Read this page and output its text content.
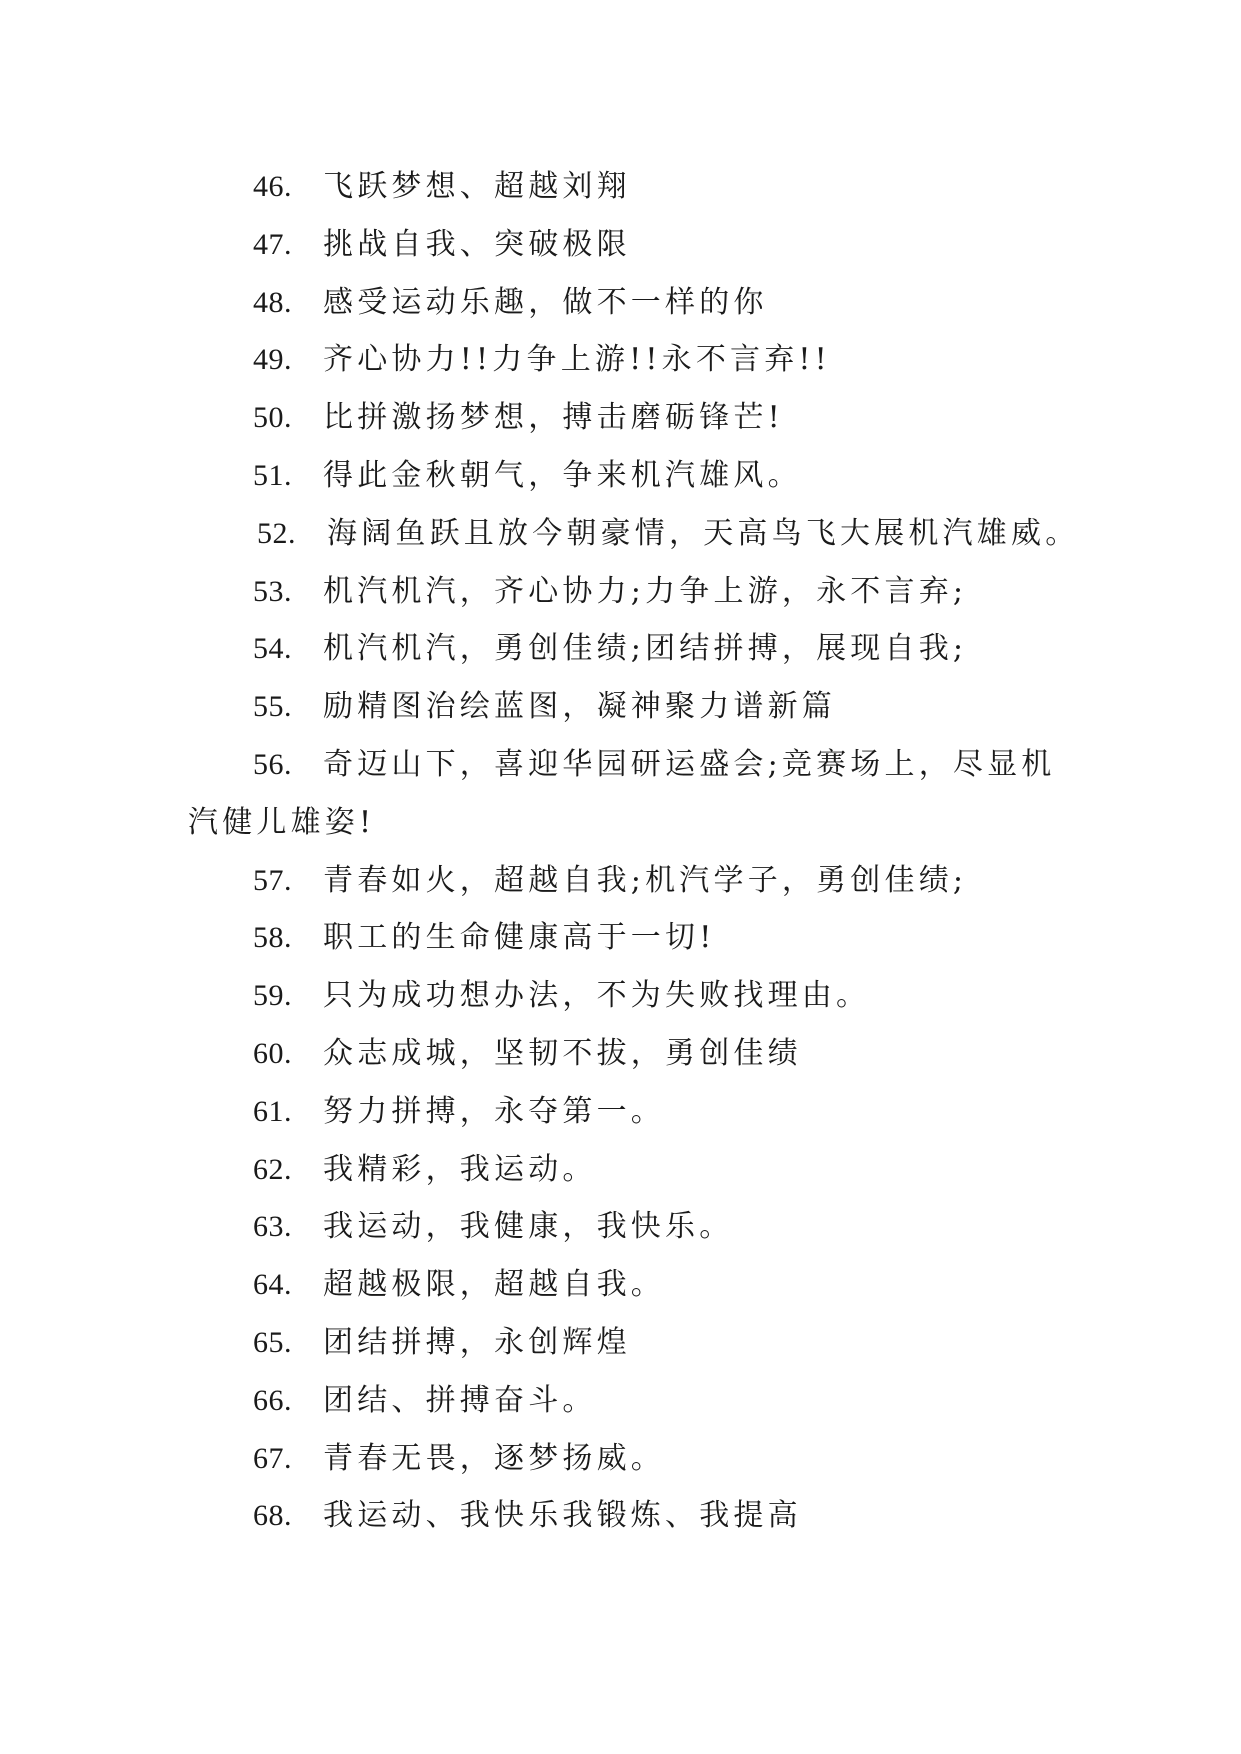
46. 飞跃梦想、超越刘翔
47. 挑战自我、突破极限
48. 感受运动乐趣，做不一样的你
49. 齐心协力!!力争上游!!永不言弃!!
50. 比拼激扬梦想，搏击磨砺锋芒!
51. 得此金秋朝气，争来机汽雄风。
52. 海阔鱼跃且放今朝豪情，天高鸟飞大展机汽雄威。
53. 机汽机汽，齐心协力;力争上游，永不言弃;
54. 机汽机汽，勇创佳绩;团结拼搏，展现自我;
55. 励精图治绘蓝图，凝神聚力谱新篇
56. 奇迈山下，喜迎华园研运盛会;竞赛场上，尽显机
汽健儿雄姿!
57. 青春如火，超越自我;机汽学子，勇创佳绩;
58. 职工的生命健康高于一切!
59. 只为成功想办法，不为失败找理由。
60. 众志成城，坚韧不拔，勇创佳绩
61. 努力拼搏，永夺第一。
62. 我精彩，我运动。
63. 我运动，我健康，我快乐。
64. 超越极限，超越自我。
65. 团结拼搏，永创辉煌
66. 团结、拼搏奋斗。
67. 青春无畏，逐梦扬威。
68. 我运动、我快乐我锻炼、我提高
